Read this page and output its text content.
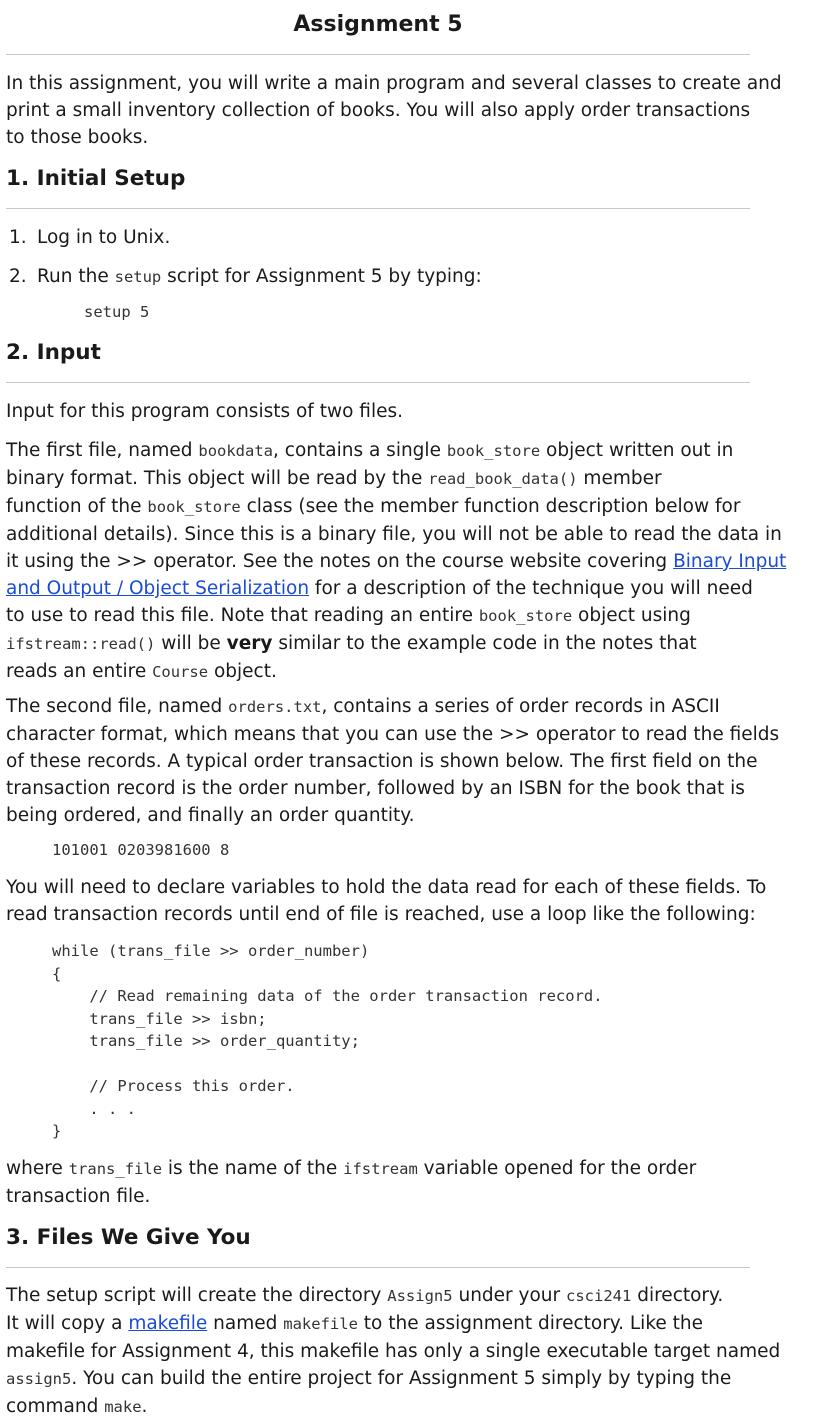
Assignment 5
In this assignment, you will write a main program and several classes to create and
print a small inventory collection of books. You will also apply order transactions
to those books.
1. Initial Setup
1. Log in to Unix.
2. Run the setup script for Assignment 5 by typing:
setup 5
2. Input
Input for this program consists of two files.
The first file, named bookdata, contains a single book_store object written out in
binary format. This object will be read by the read_book_data() member
function of the book_store class (see the member function description below for
additional details). Since this is a binary file, you will not be able to read the data in
it using the >> operator. See the notes on the course website covering Binary Input
and Output / Object Serialization for a description of the technique you will need
to use to read this file. Note that reading an entire book_store object using
ifstream::read() will be very similar to the example code in the notes that
reads an entire Course object.
The second file, named orders.txt, contains a series of order records in ASCII
character format, which means that you can use the >> operator to read the fields
of these records. A typical order transaction is shown below. The first field on the
transaction record is the order number, followed by an ISBN for the book that is
being ordered, and finally an order quantity.
101001 0203981600 8
You will need to declare variables to hold the data read for each of these fields. To
read transaction records until end of file is reached, use a loop like the following:
while (trans_file >> order_number)
{
// Read remaining data of the order transaction record.
trans_file >> isbn;
trans_file >> order_quantity;

// Process this order.
. . .
}
where trans_file is the name of the ifstream variable opened for the order
transaction file.
3. Files We Give You
The setup script will create the directory Assign5 under your csci241 directory.
It will copy a makefile named makefile to the assignment directory. Like the
makefile for Assignment 4, this makefile has only a single executable target named
assign5. You can build the entire project for Assignment 5 simply by typing the
command make.
